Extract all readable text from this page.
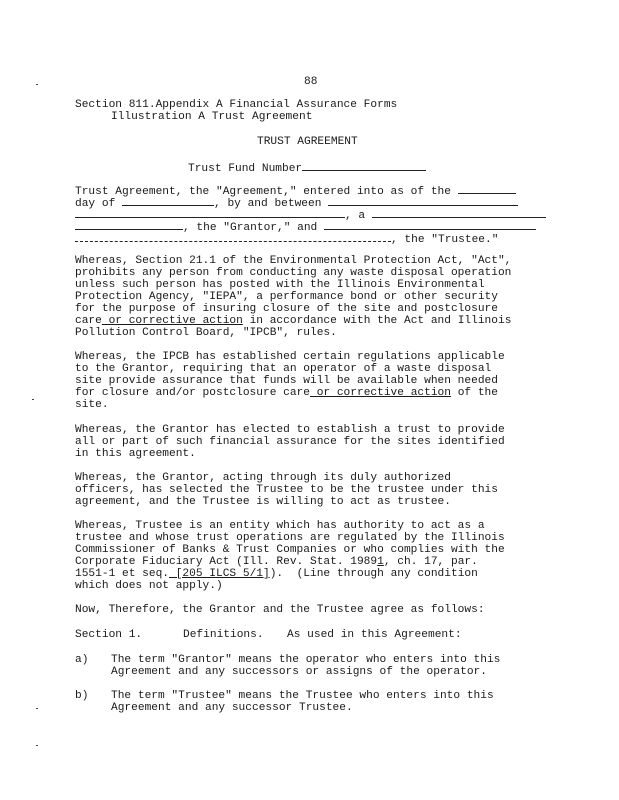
88
Section 811.Appendix A Financial Assurance Forms
Illustration A Trust Agreement
TRUST AGREEMENT
Trust Fund Number
Trust Agreement, the "Agreement," entered into as of the
day of	, by and between
, a
, the "Grantor," and
, the "Trustee."
Whereas, Section 21.1 of the Environmental Protection Act, "Act",
prohibits any person from conducting any waste disposal operation
unless such person has posted with the Illinois Environmental
Protection Agency, "IEPA", a performance bond or other security
for the purpose of insuring closure of the site and postclosure
care or corrective action in accordance with the Act and Illinois
Pollution Control Board, "IPCB", rules.
Whereas, the IPCB has established certain regulations applicable
to the Grantor, requiring that an operator of a waste disposal
site provide assurance that funds will be available when needed
for closure and/or postclosure care or corrective action of the
site.
Whereas, the Grantor has elected to establish a trust to provide
all or part of such financial assurance for the sites identified
in this agreement.
Whereas, the Grantor, acting through its duly authorized
officers, has selected the Trustee to be the trustee under this
agreement, and the Trustee is willing to act as trustee.
Whereas, Trustee is an entity which has authority to act as a
trustee and whose trust operations are regulated by the Illinois
Commissioner of Banks & Trust Companies or who complies with the
Corporate Fiduciary Act (Ill. Rev. Stat. 19891, ch. 17, par.
1551-1 et seq. [205 ILCS 5/1]).  (Line through any condition
which does not apply.)
Now, Therefore, the Grantor and the Trustee agree as follows:
Section 1.	Definitions. As used in this Agreement:
a) The term "Grantor" means the operator who enters into this
Agreement and any successors or assigns of the operator.
b) The term "Trustee" means the Trustee who enters into this
Agreement and any successor Trustee.
